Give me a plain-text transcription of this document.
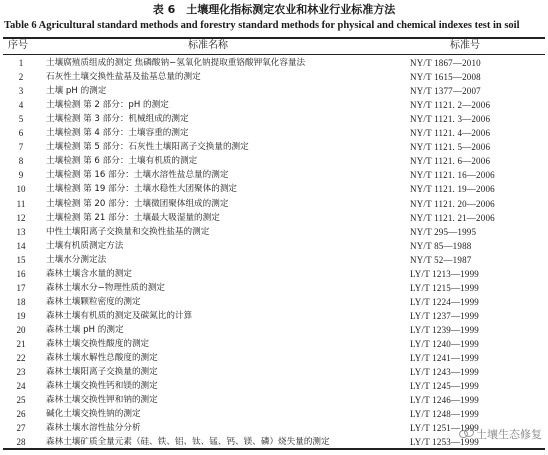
表 6　土壤理化指标测定农业和林业行业标准方法
Table 6 Agricultural standard methods and forestry standard methods for physical and chemical indexes test in soil
序号	标准名称	标准号
1	土壤腐殖质组成的测定 焦磷酸钠−氢氧化钠提取重铬酸钾氧化容量法	NY/T 1867—2010
2	石灰性土壤交换性盐基及盐基总量的测定	NY/T 1615—2008
3	土壤 pH 的测定	NY/T 1377—2007
4	土壤检测 第 2 部分：pH 的测定	NY/T 1121. 2—2006
5	土壤检测 第 3 部分：机械组成的测定	NY/T 1121. 3—2006
6	土壤检测 第 4 部分：土壤容重的测定	NY/T 1121. 4—2006
7	土壤检测 第 5 部分：石灰性土壤阳离子交换量的测定	NY/T 1121. 5—2006
8	土壤检测 第 6 部分：土壤有机质的测定	NY/T 1121. 6—2006
9	土壤检测 第 16 部分：土壤水溶性盐总量的测定	NY/T 1121. 16—2006
10 土壤检测 第 19 部分：土壤水稳性大团聚体的测定	NY/T 1121. 19—2006
11	土壤检测 第 20 部分：土壤微团聚体组成的测定	NY/T 1121. 20—2006
12 土壤检测 第 21 部分：土壤最大吸湿量的测定	NY/T 1121. 21—2006
13 中性土壤阳离子交换量和交换性盐基的测定	NY/T 295—1995
14 土壤有机质测定方法	NY/T 85—1988
15 土壤水分测定法	NY/T 52—1987
16 森林土壤含水量的测定	LY/T 1213—1999
17 森林土壤水分−物理性质的测定	LY/T 1215—1999
18 森林土壤颗粒密度的测定	LY/T 1224—1999
19 森林土壤有机质的测定及碳氮比的计算	LY/T 1237—1999
20 森林土壤 pH 的测定	LY/T 1239—1999
21 森林土壤交换性酸度的测定	LY/T 1240—1999
22 森林土壤水解性总酸度的测定	LY/T 1241—1999
23 森林土壤阳离子交换量的测定	LY/T 1243—1999
24 森林土壤交换性钙和镁的测定	LY/T 1245—1999
25 森林土壤交换性钾和钠的测定	LY/T 1246—1999
26 碱化土壤交换性钠的测定	LY/T 1248—1999
27 森林土壤水溶性盐分分析	LY/T 1251—1999
28 森林土壤矿质全量元素（硅、铁、铝、钛、锰、钙、镁、磷）烧失量的测定	LY/T 1253—1999
土壤生态修复
